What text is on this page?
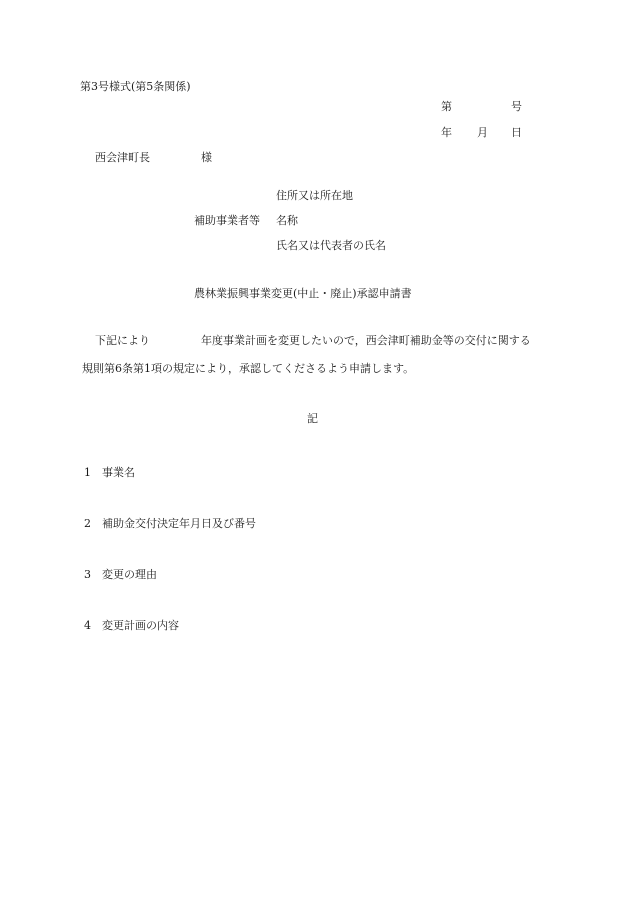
第3号様式(第5条関係)
第	号
年 月 日
西会津町長	様
住所又は所在地
補助事業者等 名称
氏名又は代表者の氏名
農林業振興事業変更(中止・廃止)承認申請書
下記により	年度事業計画を変更したいので，西会津町補助金等の交付に関する
規則第6条第1項の規定により，承認してくださるよう申請します。
記
1 事業名
2 補助金交付決定年月日及び番号
3 変更の理由
4 変更計画の内容
